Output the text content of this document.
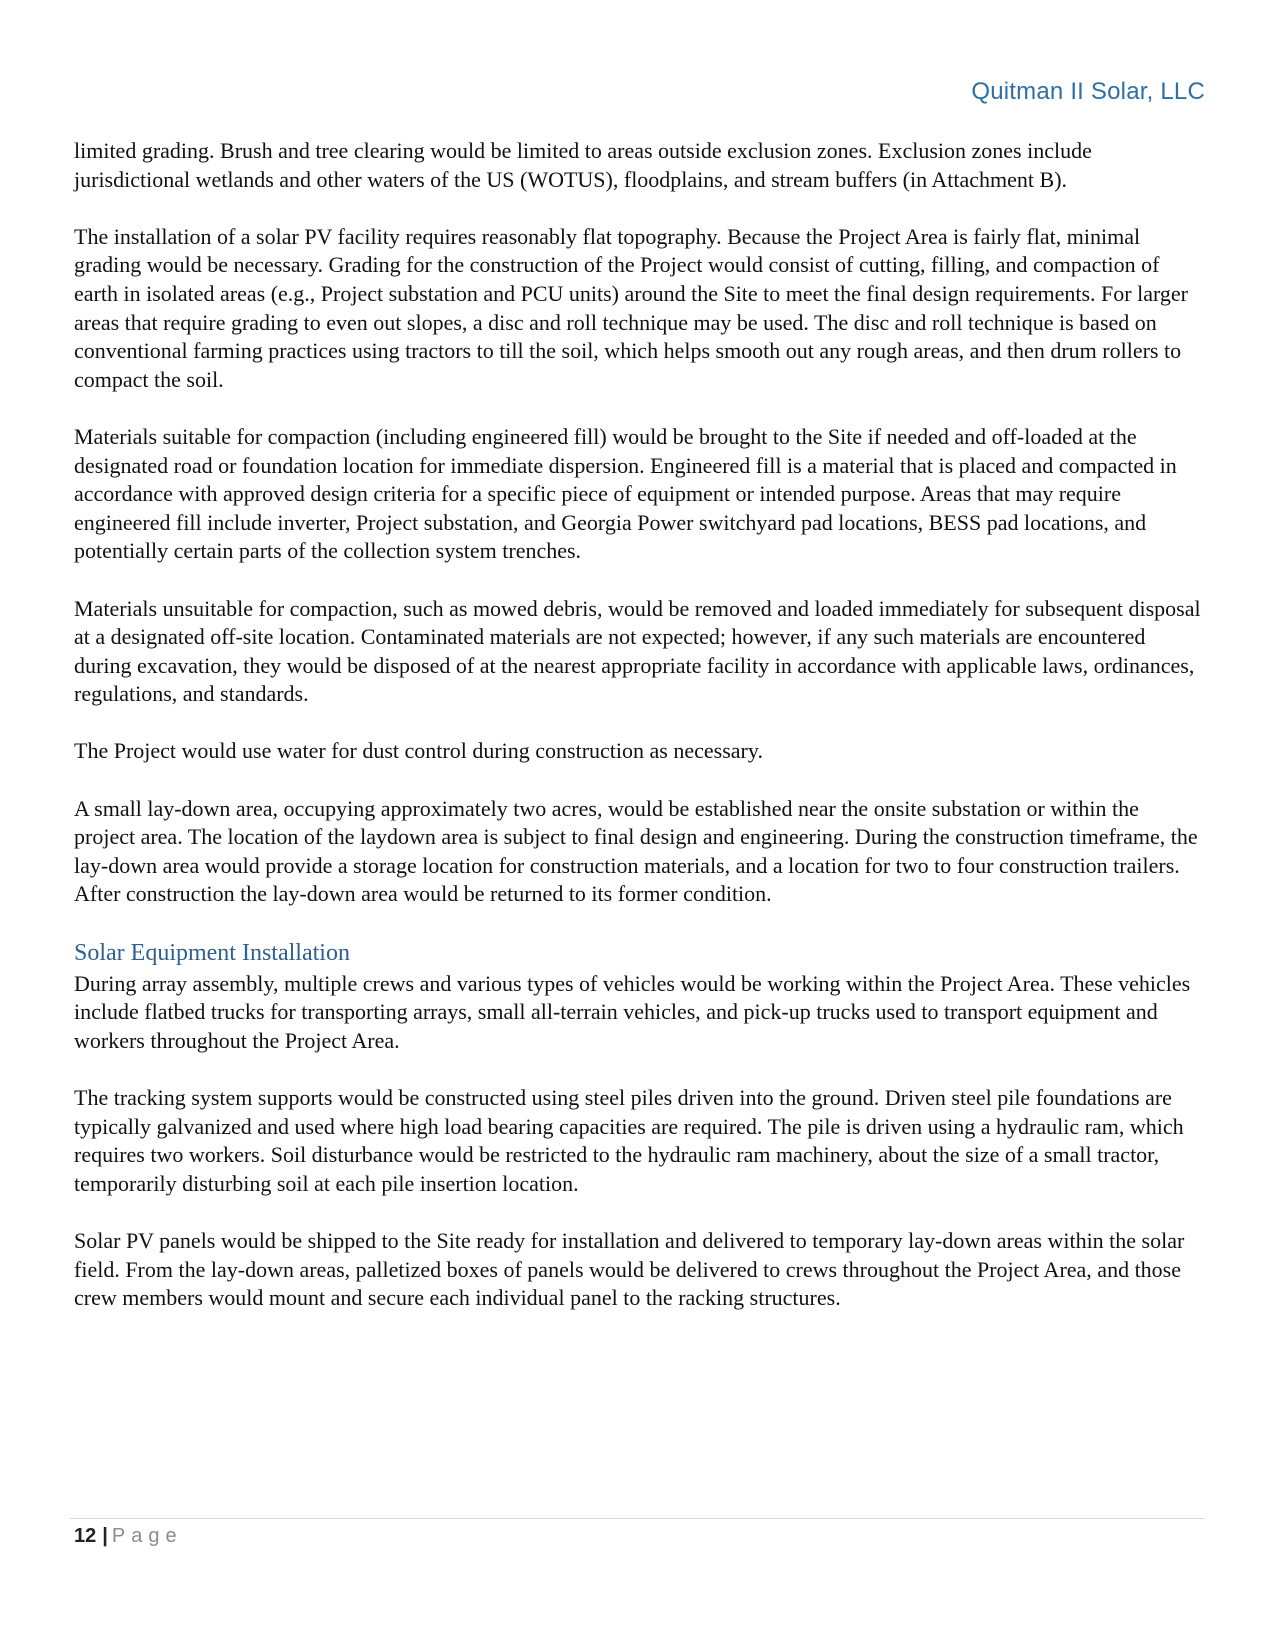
Quitman II Solar, LLC

limited grading. Brush and tree clearing would be limited to areas outside exclusion zones. Exclusion zones include jurisdictional wetlands and other waters of the US (WOTUS), floodplains, and stream buffers (in Attachment B).

The installation of a solar PV facility requires reasonably flat topography. Because the Project Area is fairly flat, minimal grading would be necessary. Grading for the construction of the Project would consist of cutting, filling, and compaction of earth in isolated areas (e.g., Project substation and PCU units) around the Site to meet the final design requirements. For larger areas that require grading to even out slopes, a disc and roll technique may be used. The disc and roll technique is based on conventional farming practices using tractors to till the soil, which helps smooth out any rough areas, and then drum rollers to compact the soil.

Materials suitable for compaction (including engineered fill) would be brought to the Site if needed and off-loaded at the designated road or foundation location for immediate dispersion. Engineered fill is a material that is placed and compacted in accordance with approved design criteria for a specific piece of equipment or intended purpose. Areas that may require engineered fill include inverter, Project substation, and Georgia Power switchyard pad locations, BESS pad locations, and potentially certain parts of the collection system trenches.

Materials unsuitable for compaction, such as mowed debris, would be removed and loaded immediately for subsequent disposal at a designated off-site location. Contaminated materials are not expected; however, if any such materials are encountered during excavation, they would be disposed of at the nearest appropriate facility in accordance with applicable laws, ordinances, regulations, and standards.

The Project would use water for dust control during construction as necessary.

A small lay-down area, occupying approximately two acres, would be established near the onsite substation or within the project area. The location of the laydown area is subject to final design and engineering. During the construction timeframe, the lay-down area would provide a storage location for construction materials, and a location for two to four construction trailers. After construction the lay-down area would be returned to its former condition.

Solar Equipment Installation

During array assembly, multiple crews and various types of vehicles would be working within the Project Area. These vehicles include flatbed trucks for transporting arrays, small all-terrain vehicles, and pick-up trucks used to transport equipment and workers throughout the Project Area.

The tracking system supports would be constructed using steel piles driven into the ground. Driven steel pile foundations are typically galvanized and used where high load bearing capacities are required. The pile is driven using a hydraulic ram, which requires two workers. Soil disturbance would be restricted to the hydraulic ram machinery, about the size of a small tractor, temporarily disturbing soil at each pile insertion location.

Solar PV panels would be shipped to the Site ready for installation and delivered to temporary lay-down areas within the solar field. From the lay-down areas, palletized boxes of panels would be delivered to crews throughout the Project Area, and those crew members would mount and secure each individual panel to the racking structures.

12 | Page
